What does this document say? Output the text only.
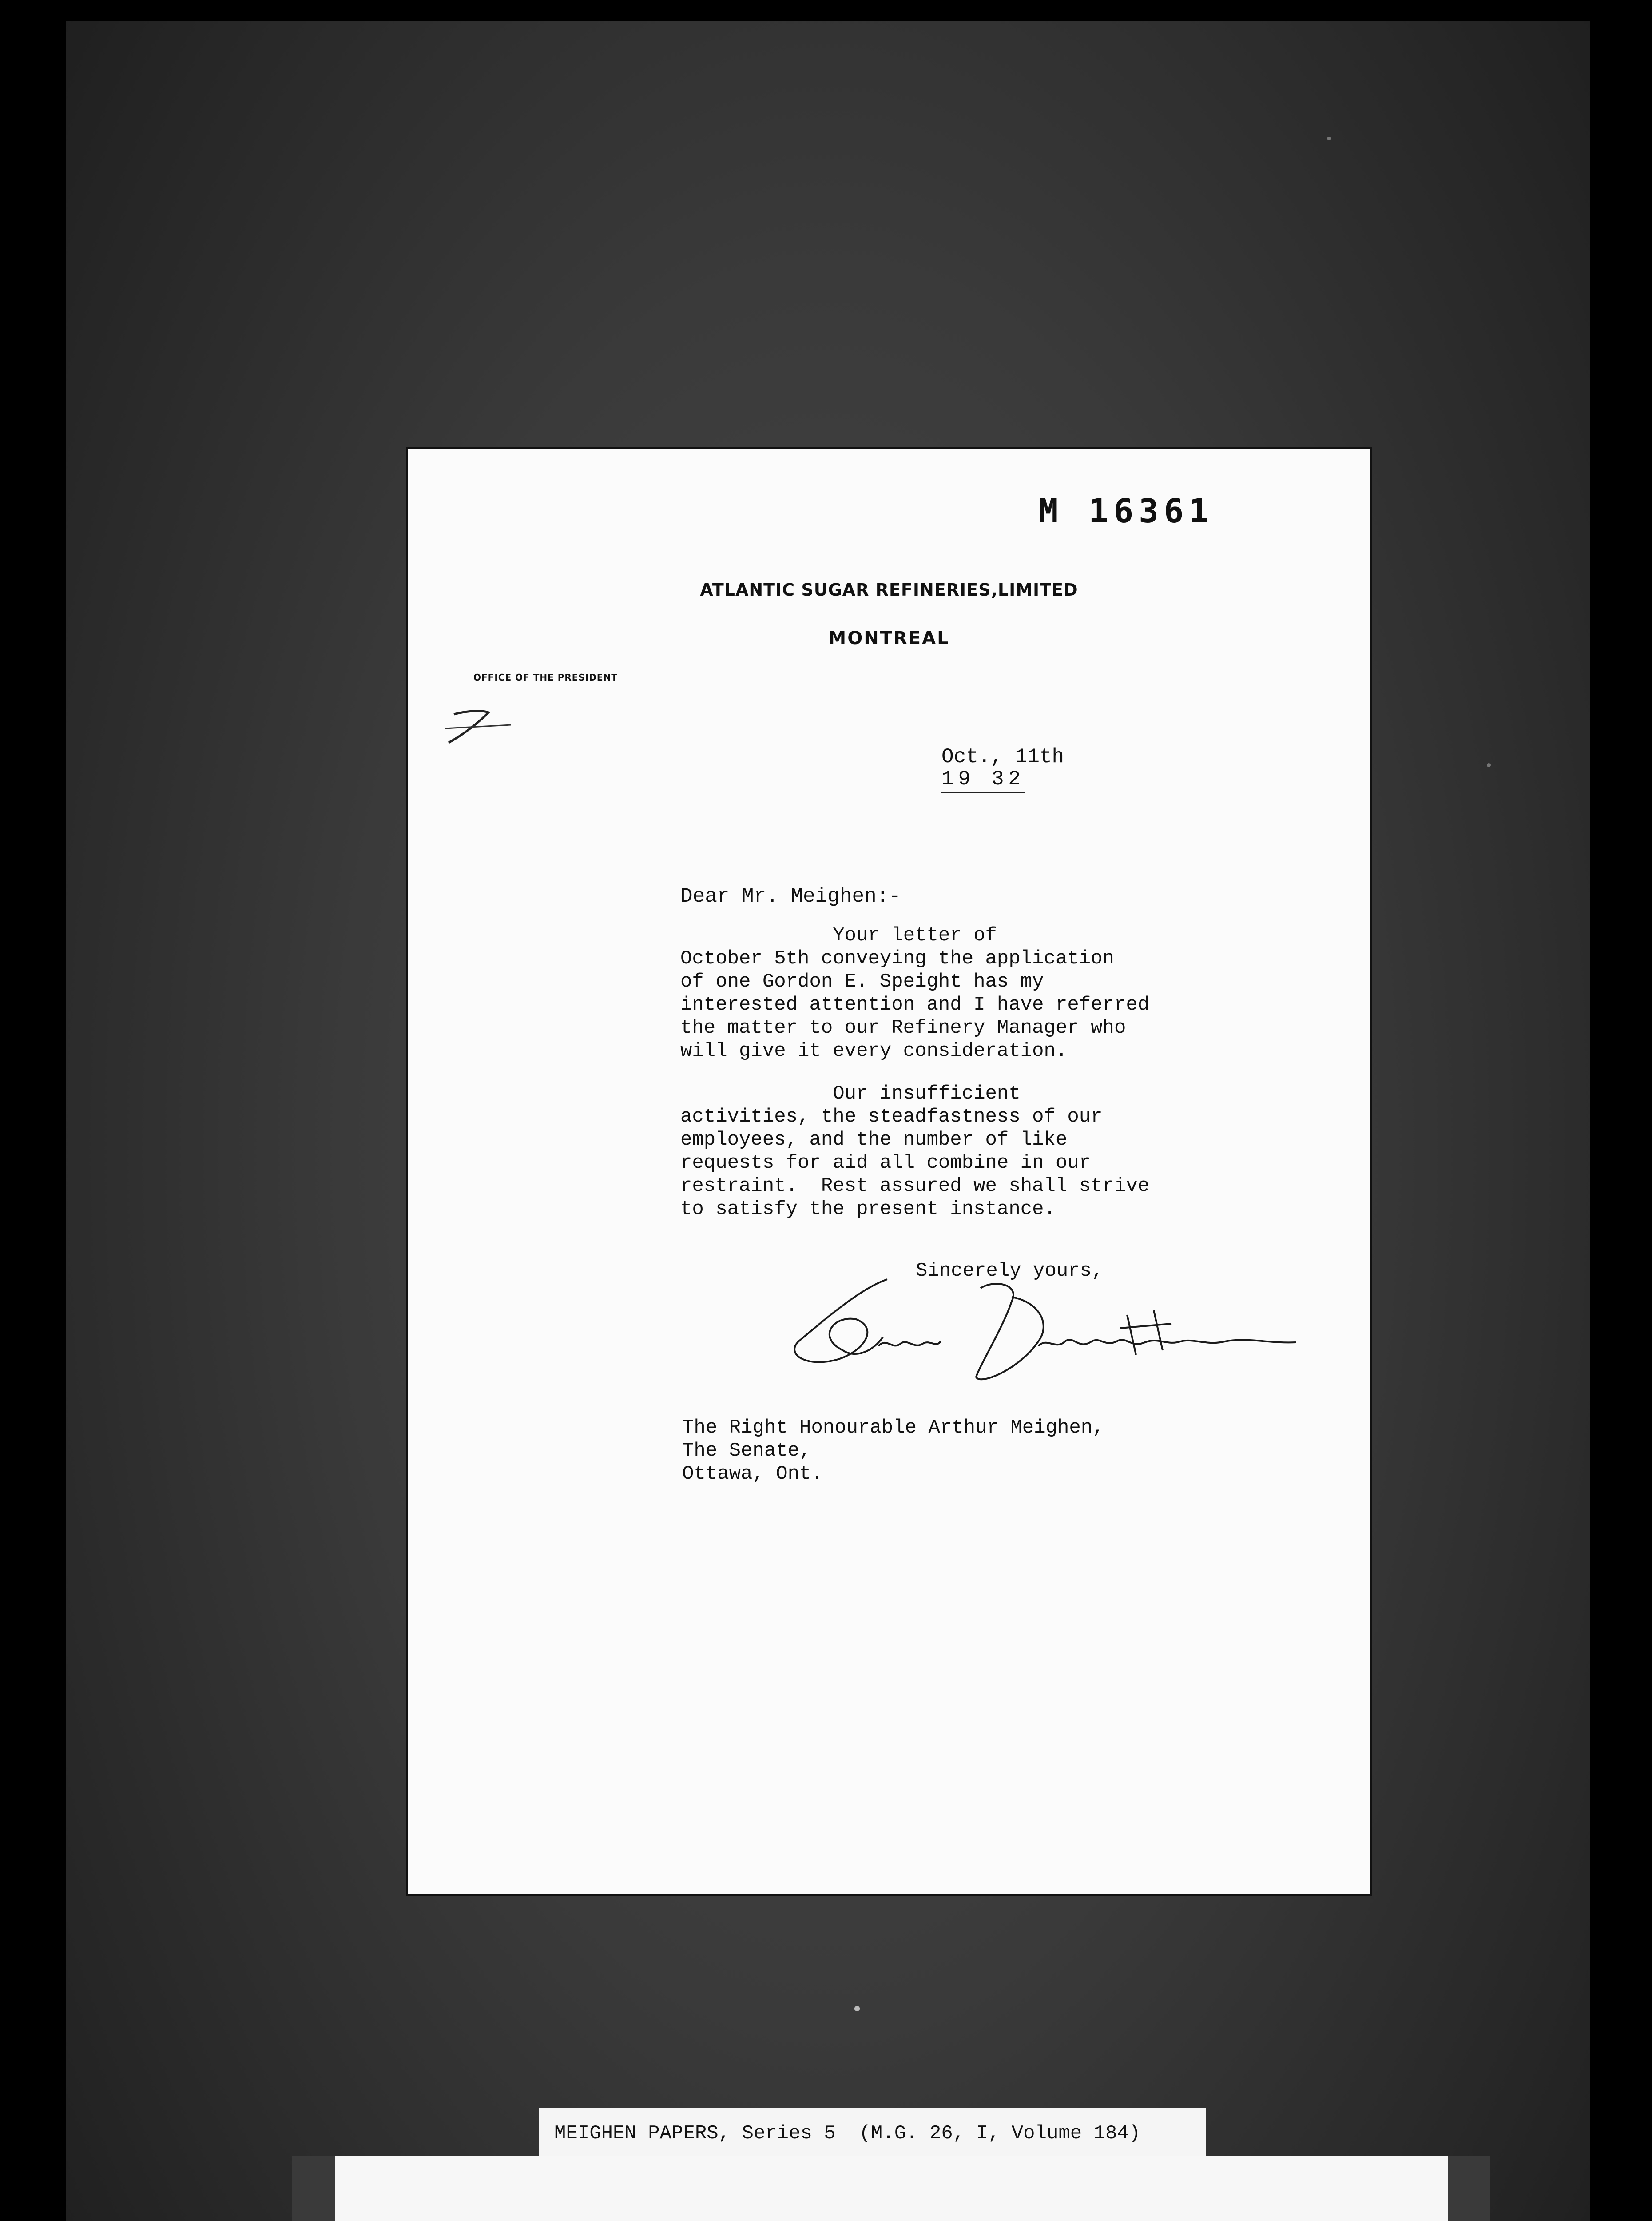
M 16361
ATLANTIC SUGAR REFINERIES,LIMITED
MONTREAL
OFFICE OF THE PRESIDENT
Oct., 11th
19 32
Dear Mr. Meighen:-

Your letter of
October 5th conveying the application
of one Gordon E. Speight has my
interested attention and I have referred
the matter to our Refinery Manager who
will give it every consideration.

Our insufficient
activities, the steadfastness of our
employees, and the number of like
requests for aid all combine in our
restraint.  Rest assured we shall strive
to satisfy the present instance.

Sincerely yours,
The Right Honourable Arthur Meighen,
The Senate,
Ottawa, Ont.
MEIGHEN PAPERS, Series 5  (M.G. 26, I, Volume 184)
